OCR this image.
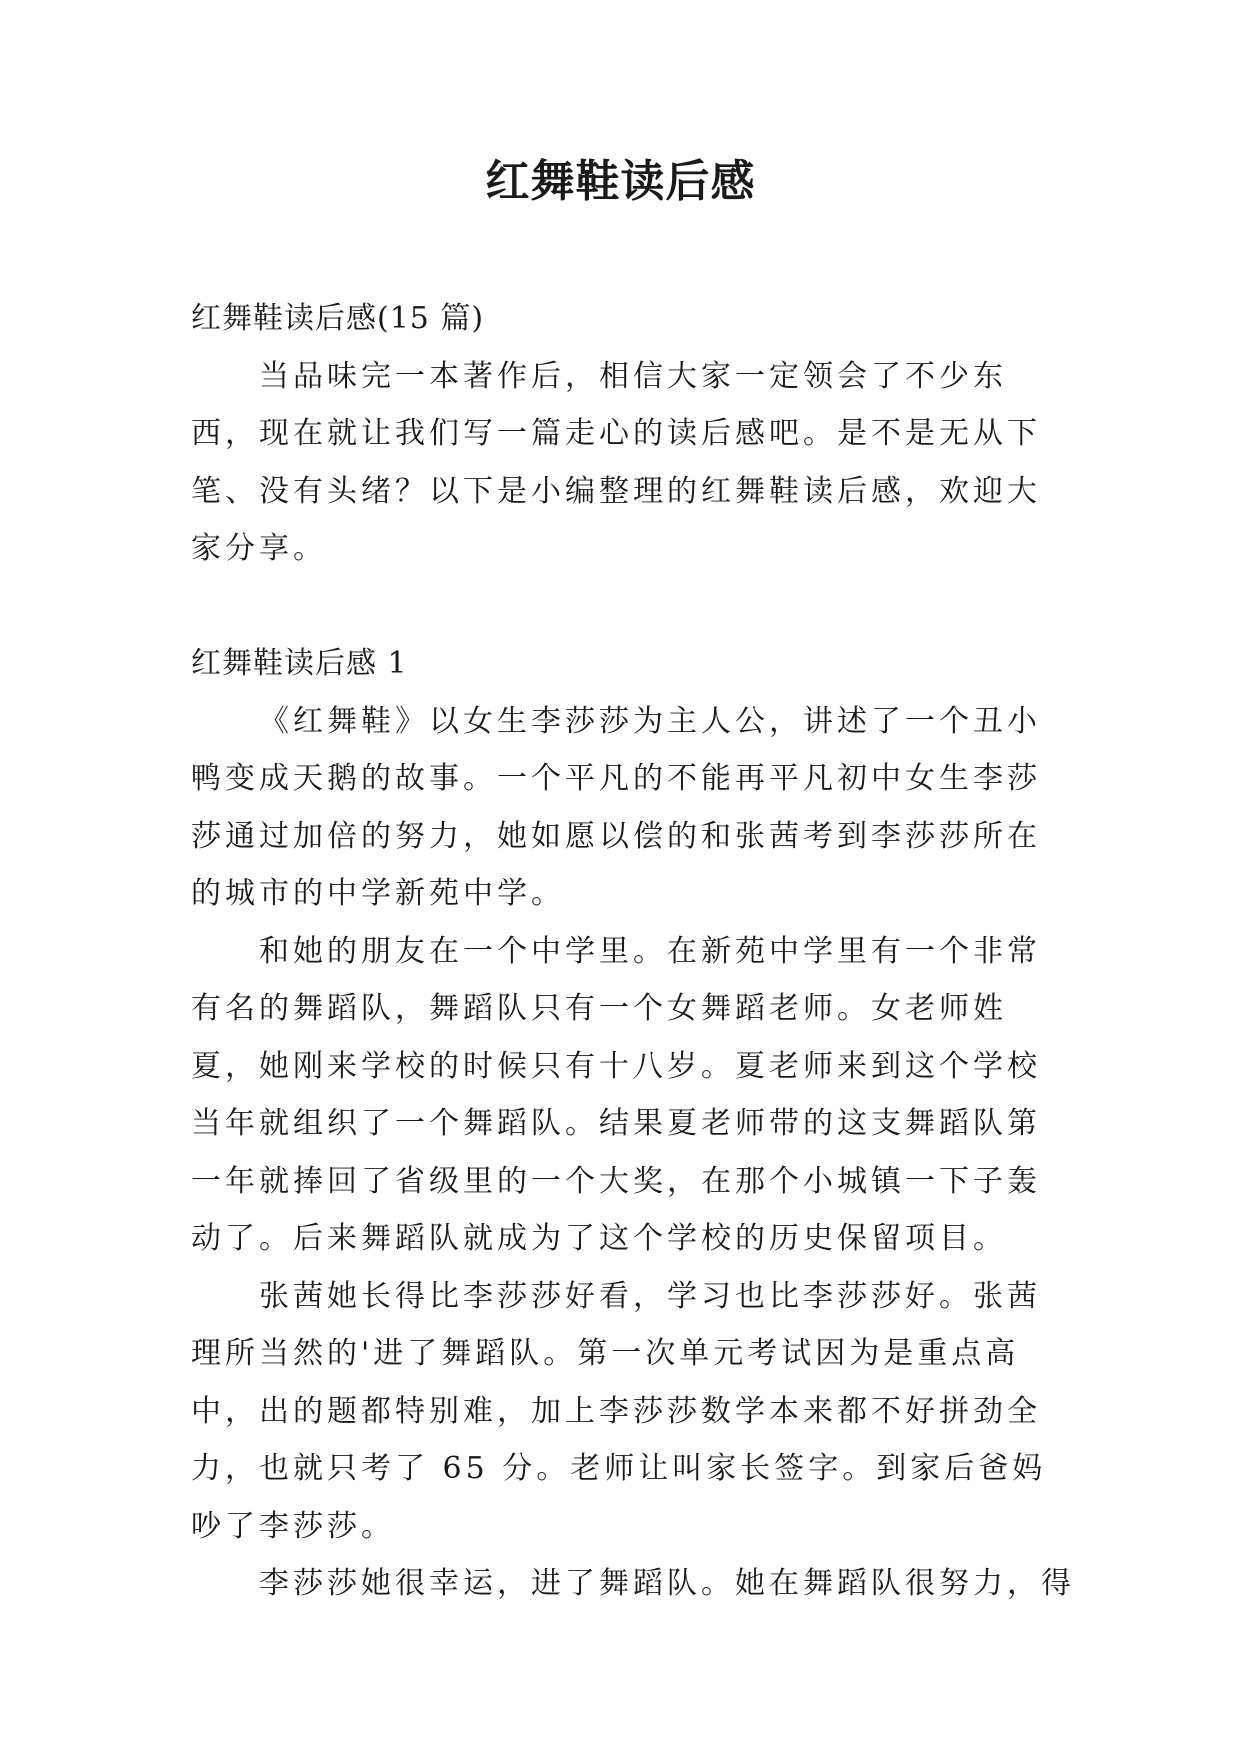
红舞鞋读后感

红舞鞋读后感(15 篇)

当品味完一本著作后，相信大家一定领会了不少东西，现在就让我们写一篇走心的读后感吧。是不是无从下笔、没有头绪？以下是小编整理的红舞鞋读后感，欢迎大家分享。

红舞鞋读后感 1

《红舞鞋》以女生李莎莎为主人公，讲述了一个丑小鸭变成天鹅的故事。一个平凡的不能再平凡初中女生李莎莎通过加倍的努力，她如愿以偿的和张茜考到李莎莎所在的城市的中学新苑中学。

和她的朋友在一个中学里。在新苑中学里有一个非常有名的舞蹈队，舞蹈队只有一个女舞蹈老师。女老师姓夏，她刚来学校的时候只有十八岁。夏老师来到这个学校当年就组织了一个舞蹈队。结果夏老师带的这支舞蹈队第一年就捧回了省级里的一个大奖，在那个小城镇一下子轰动了。后来舞蹈队就成为了这个学校的历史保留项目。

张茜她长得比李莎莎好看，学习也比李莎莎好。张茜理所当然的'进了舞蹈队。第一次单元考试因为是重点高中，出的题都特别难，加上李莎莎数学本来都不好拼劲全力，也就只考了 65 分。老师让叫家长签字。到家后爸妈吵了李莎莎。

李莎莎她很幸运，进了舞蹈队。她在舞蹈队很努力，得
